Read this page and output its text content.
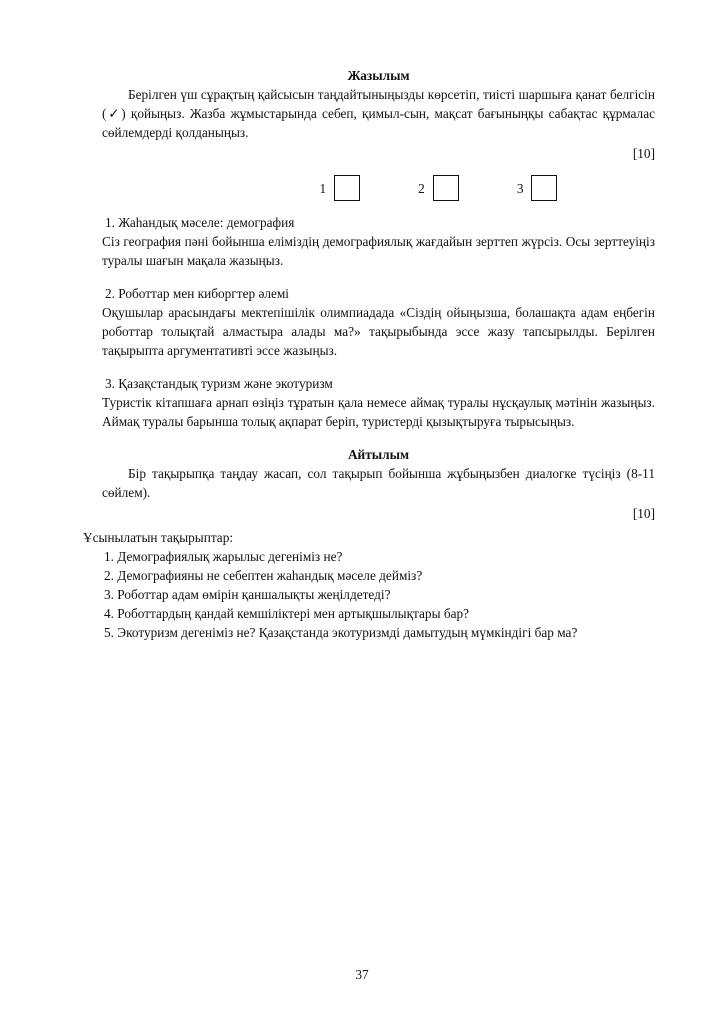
Жазылым
Берілген үш сұрақтың қайсысын таңдайтыныңызды көрсетіп, тиісті шаршыға қанат белгісін (✓) қойыңыз. Жазба жұмыстарында себеп, қимыл-сын, мақсат бағыныңқы сабақтас құрмалас сөйлемдерді қолданыңыз.
[10]
1	2	3
1. Жаһандық мәселе: демография
Сіз география пәні бойынша еліміздің демографиялық жағдайын зерттеп жүрсіз. Осы зерттеуіңіз туралы шағын мақала жазыңыз.
2. Роботтар мен киборгтер әлемі
Оқушылар арасындағы мектепішілік олимпиадада «Сіздің ойыңызша, болашақта адам еңбегін роботтар толықтай алмастыра алады ма?» тақырыбында эссе жазу тапсырылды. Берілген тақырыпта аргументативті эссе жазыңыз.
3. Қазақстандық туризм және экотуризм
Туристік кітапшаға арнап өзіңіз тұратын қала немесе аймақ туралы нұсқаулық мәтінін жазыңыз. Аймақ туралы барынша толық ақпарат беріп, туристерді қызықтыруға тырысыңыз.
Айтылым
Бір тақырыпқа таңдау жасап, сол тақырып бойынша жұбыңызбен диалогке түсіңіз (8-11 сөйлем).
[10]
Ұсынылатын тақырыптар:
1. Демографиялық жарылыс дегеніміз не?
2. Демографияны не себептен жаһандық мәселе дейміз?
3. Роботтар адам өмірін қаншалықты жеңілдетеді?
4. Роботтардың қандай кемшіліктері мен артықшылықтары бар?
5. Экотуризм дегеніміз не? Қазақстанда экотуризмді дамытудың мүмкіндігі бар ма?
37
